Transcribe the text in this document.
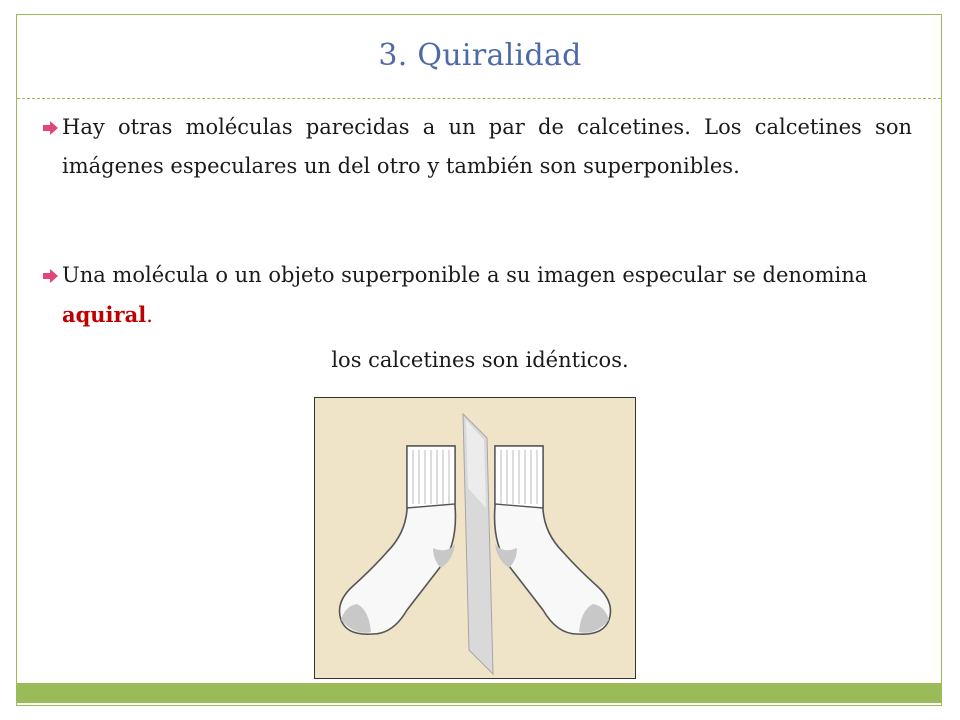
3. Quiralidad
Hay otras moléculas parecidas a un par de calcetines. Los calcetines son imágenes especulares un del otro y también son superponibles.
Una molécula o un objeto superponible a su imagen especular se denomina aquiral.
los calcetines son idénticos.
